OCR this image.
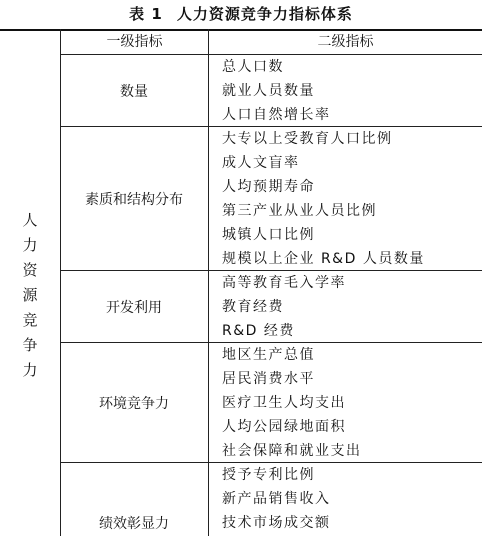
表 1 人力资源竞争力指标体系
一级指标	二级指标
人
力
资
源
竞
争
力
数量
素质和结构分布
开发利用
环境竞争力
绩效彰显力
总人口数
就业人员数量
人口自然增长率
大专以上受教育人口比例
成人文盲率
人均预期寿命
第三产业从业人员比例
城镇人口比例
规模以上企业 R&D 人员数量
高等教育毛入学率
教育经费
R&D 经费
地区生产总值
居民消费水平
医疗卫生人均支出
人均公园绿地面积
社会保障和就业支出
授予专利比例
新产品销售收入
技术市场成交额
